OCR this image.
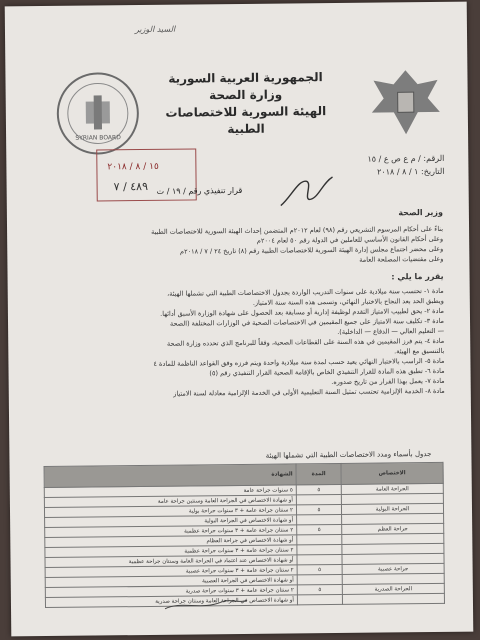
السيد الوزير
SYRIAN BOARD
الجمهورية العربية السورية
وزارة الصحة
الهيئة السورية للاختصاصات الطبية
الرقم: / م ع ص ع / ١٥
التاريخ: ١ / ٨ / ٢٠١٨
١٥ / ٨ / ٢٠١٨
٤٨٩ / ٧ قرار تنفيذي رقم / ١٩ / ت

وزير الصحة

بناءً على أحكام المرسوم التشريعي رقم (٩٨) لعام ٢٠١٢م المتضمن إحداث الهيئة السورية للاختصاصات الطبية

وعلى أحكام القانون الأساسي للعاملين في الدولة رقم ٥٠ لعام ٢٠٠٤م

وعلى محضر اجتماع مجلس إدارة الهيئة السورية للاختصاصات الطبية رقم (٨) تاريخ ٢٤ / ٧ / ٢٠١٨م

وعلى مقتضيات المصلحة العامة

يقرر ما يلي :

مادة ١- تحتسب سنة ميلادية على سنوات التدريب الواردة بجدول الاختصاصات الطبية التي تشملها الهيئة،

ويطبق الحد بعد النجاح بالاختبار النهائي، وتسمى هذه السنة سنة الامتياز.

مادة ٢- يحق لطبيب الامتياز التقدم لوظيفة إدارية أو مسابقة بعد الحصول على شهادة الوزارة الأسبق أدائها.

مادة ٣- تكليف سنة الامتياز على جميع المقيمين في الاختصاصات الصحية في الوزارات المختلفة (الصحة

— التعليم العالي — الدفاع — الداخلية).

مادة ٤- يتم فرز المقيمين في هذه السنة على القطاعات الصحية، وفقاً للبرنامج الذي تحدده وزارة الصحة

بالتنسيق مع الهيئة.

مادة ٥- الراسب بالاختبار النهائي يعيد حسب لمدة سنة ميلادية واحدة ويتم فرزه وفق القواعد الناظمة للمادة ٤

مادة ٦- تطبق هذه المادة للقرار التنفيذي الخاص بالإقامة الصحية القرار التنفيذي رقم (٥)

مادة ٧- يعمل بهذا القرار من تاريخ صدوره.

مادة ٨- الخدمة الإلزامية تحتسب تمثيل السنة التعليمية الأولى في الخدمة الإلزامية معادلة لسنة الامتياز

جدول بأسماء ومدد الاختصاصات الطبية التي تشملها الهيئة
الاختصاص	المدة	الشهادة
الجراحة العامة	٥	٥ سنوات جراحة عامة
		أو شهادة الاختصاص في الجراحة العامة وسنتين جراحة عامة
الجراحة البولية	٥	٢ سنتان جراحة عامة + ٣ سنوات جراحة بولية
		أو شهادة الاختصاص في الجراحة البولية
جراحة العظم	٥	٢ سنتان جراحة عامة + ٣ سنوات جراحة عظمية
		أو شهادة الاختصاص في جراحة العظام
		٢ سنتان جراحة عامة + ٣ سنوات جراحة عظمية
		أو شهادة الاختصاص عند اعتماد في الجراحة العامة وسنتان جراحة عظمية
جراحة عصبية	٥	٢ سنتان جراحة عامة + ٣ سنوات جراحة عصبية
		أو شهادة الاختصاص في الجراحة العصبية
الجراحة الصدرية	٥	٢ سنتان جراحة عامة + ٣ سنوات جراحة صدرية
		أو شهادة الاختصاص في الجراحة العامة وسنتان جراحة صدرية
